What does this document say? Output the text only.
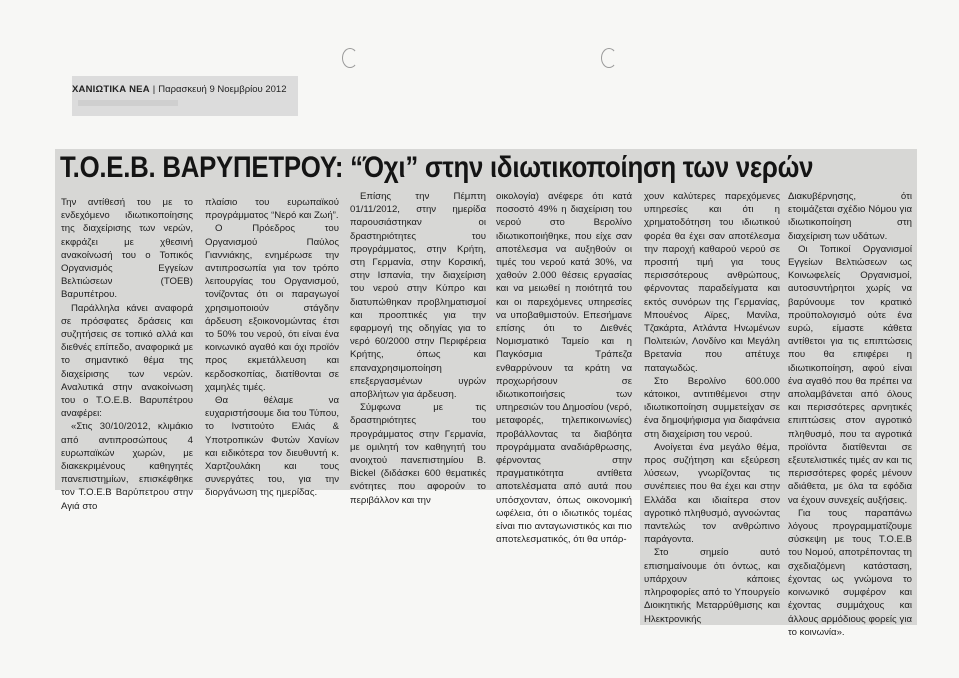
ΧΑΝΙΩΤΙΚΑ ΝΕΑ | Παρασκευή 9 Νοεμβρίου 2012
Τ.Ο.Ε.Β. ΒΑΡΥΠΕΤΡΟΥ: “Όχι” στην ιδιωτικοποίηση των νερών

Την αντίθεσή του με το ενδεχόμενο ιδιωτικοποίησης της διαχείρισης των νερών, εκφράζει με χθεσινή ανακοίνωσή του ο Τοπικός Οργανισμός Εγγείων Βελτιώσεων (ΤΟΕΒ) Βαρυπέτρου.

Παράλληλα κάνει αναφορά σε πρόσφατες δράσεις και συζητήσεις σε τοπικό αλλά και διεθνές επίπεδο, αναφορικά με το σημαντικό θέμα της διαχείρισης των νερών. Αναλυτικά στην ανακοίνωση του ο Τ.Ο.Ε.Β. Βαρυπέτρου αναφέρει:

«Στις 30/10/2012, κλιμάκιο από αντιπροσώπους 4 ευρωπαϊκών χωρών, με διακεκριμένους καθηγητές πανεπιστημίων, επισκέφθηκε τον Τ.Ο.Ε.Β Βαρύπετρου στην Αγιά στο

πλαίσιο του ευρωπαϊκού προγράμματος “Νερό και Ζωή”.

Ο Πρόεδρος του Οργανισμού Παύλος Γιαννιάκης, ενημέρωσε την αντιπροσωπία για τον τρόπο λειτουργίας του Οργανισμού, τονίζοντας ότι οι παραγωγοί χρησιμοποιούν στάγδην άρδευση εξοικονομώντας έτσι το 50% του νερού, ότι είναι ένα κοινωνικό αγαθό και όχι προϊόν προς εκμετάλλευση και κερδοσκοπίας, διατίθονται σε χαμηλές τιμές.

Θα θέλαμε να ευχαριστήσουμε δια του Τύπου, το Ινστιτούτο Ελιάς & Υποτροπικών Φυτών Χανίων και ειδικότερα τον διευθυντή κ. Χαρτζουλάκη και τους συνεργάτες του, για την διοργάνωση της ημερίδας.

Επίσης την Πέμπτη 01/11/2012, στην ημερίδα παρουσιάστηκαν οι δραστηριότητες του προγράμματος, στην Κρήτη, στη Γερμανία, στην Κορσική, στην Ισπανία, την διαχείριση του νερού στην Κύπρο και διατυπώθηκαν προβληματισμοί και προοπτικές για την εφαρμογή της οδηγίας για το νερό 60/2000 στην Περιφέρεια Κρήτης, όπως και επαναχρησιμοποίηση επεξεργασμένων υγρών αποβλήτων για άρδευση.

Σύμφωνα με τις δραστηριότητες του προγράμματος στην Γερμανία, με ομιλητή τον καθηγητή του ανοιχτού πανεπιστημίου B. Bickel (διδάσκει 600 θεματικές ενότητες που αφορούν το περιβάλλον και την

οικολογία) ανέφερε ότι κατά ποσοστό 49% η διαχείριση του νερού στο Βερολίνο ιδιωτικοποιήθηκε, που είχε σαν αποτέλεσμα να αυξηθούν οι τιμές του νερού κατά 30%, να χαθούν 2.000 θέσεις εργασίας και να μειωθεί η ποιότητά του και οι παρεχόμενες υπηρεσίες να υποβαθμιστούν. Επεσήμανε επίσης ότι το Διεθνές Νομισματικό Ταμείο και η Παγκόσμια Τράπεζα ενθαρρύνουν τα κράτη να προχωρήσουν σε ιδιωτικοποιήσεις των υπηρεσιών του Δημοσίου (νερό, μεταφορές, τηλεπικοινωνίες) προβάλλοντας τα διαβόητα προγράμματα αναδιάρθρωσης, φέρνοντας στην πραγματικότητα αντίθετα αποτελέσματα από αυτά που υπόσχονταν, όπως οικονομική ωφέλεια, ότι ο ιδιωτικός τομέας είναι πιο ανταγωνιστικός και πιο αποτελεσματικός, ότι θα υπάρ-

χουν καλύτερες παρεχόμενες υπηρεσίες και ότι η χρηματοδότηση του ιδιωτικού φορέα θα έχει σαν αποτέλεσμα την παροχή καθαρού νερού σε προσιτή τιμή για τους περισσότερους ανθρώπους, φέρνοντας παραδείγματα και εκτός συνόρων της Γερμανίας, Μπουένος Αϊρες, Μανίλα, Τζακάρτα, Ατλάντα Ηνωμένων Πολιτειών, Λονδίνο και Μεγάλη Βρετανία που απέτυχε παταγωδώς.

Στο Βερολίνο 600.000 κάτοικοι, αντιτιθέμενοι στην ιδιωτικοποίηση συμμετείχαν σε ένα δημοψήφισμα για διαφάνεια στη διαχείριση του νερού.

Ανοίγεται ένα μεγάλο θέμα, προς συζήτηση και εξεύρεση λύσεων, γνωρίζοντας τις συνέπειες που θα έχει και στην Ελλάδα και ιδιαίτερα στον αγροτικό πληθυσμό, αγνοώντας παντελώς τον ανθρώπινο παράγοντα.

Στο σημείο αυτό επισημαίνουμε ότι όντως, και υπάρχουν κάποιες πληροφορίες από το Υπουργείο Διοικητικής Μεταρρύθμισης και Ηλεκτρονικής

Διακυβέρνησης, ότι ετοιμάζεται σχέδιο Νόμου για ιδιωτικοποίηση στη διαχείριση των υδάτων.

Οι Τοπικοί Οργανισμοί Εγγείων Βελτιώσεων ως Κοινωφελείς Οργανισμοί, αυτοσυντήρητοι χωρίς να βαρύνουμε τον κρατικό προϋπολογισμό ούτε ένα ευρώ, είμαστε κάθετα αντίθετοι για τις επιπτώσεις που θα επιφέρει η ιδιωτικοποίηση, αφού είναι ένα αγαθό που θα πρέπει να απολαμβάνεται από όλους και περισσότερες αρνητικές επιπτώσεις στον αγροτικό πληθυσμό, που τα αγροτικά προϊόντα διατίθενται σε εξευτελιστικές τιμές αν και τις περισσότερες φορές μένουν αδιάθετα, με όλα τα εφόδια να έχουν συνεχείς αυξήσεις.

Για τους παραπάνω λόγους προγραμματίζουμε σύσκεψη με τους Τ.Ο.Ε.Β του Νομού, αποτρέποντας τη σχεδιαζόμενη κατάσταση, έχοντας ως γνώμονα το κοινωνικό συμφέρον και έχοντας συμμάχους και άλλους αρμόδιους φορείς για το κοινωνία».
